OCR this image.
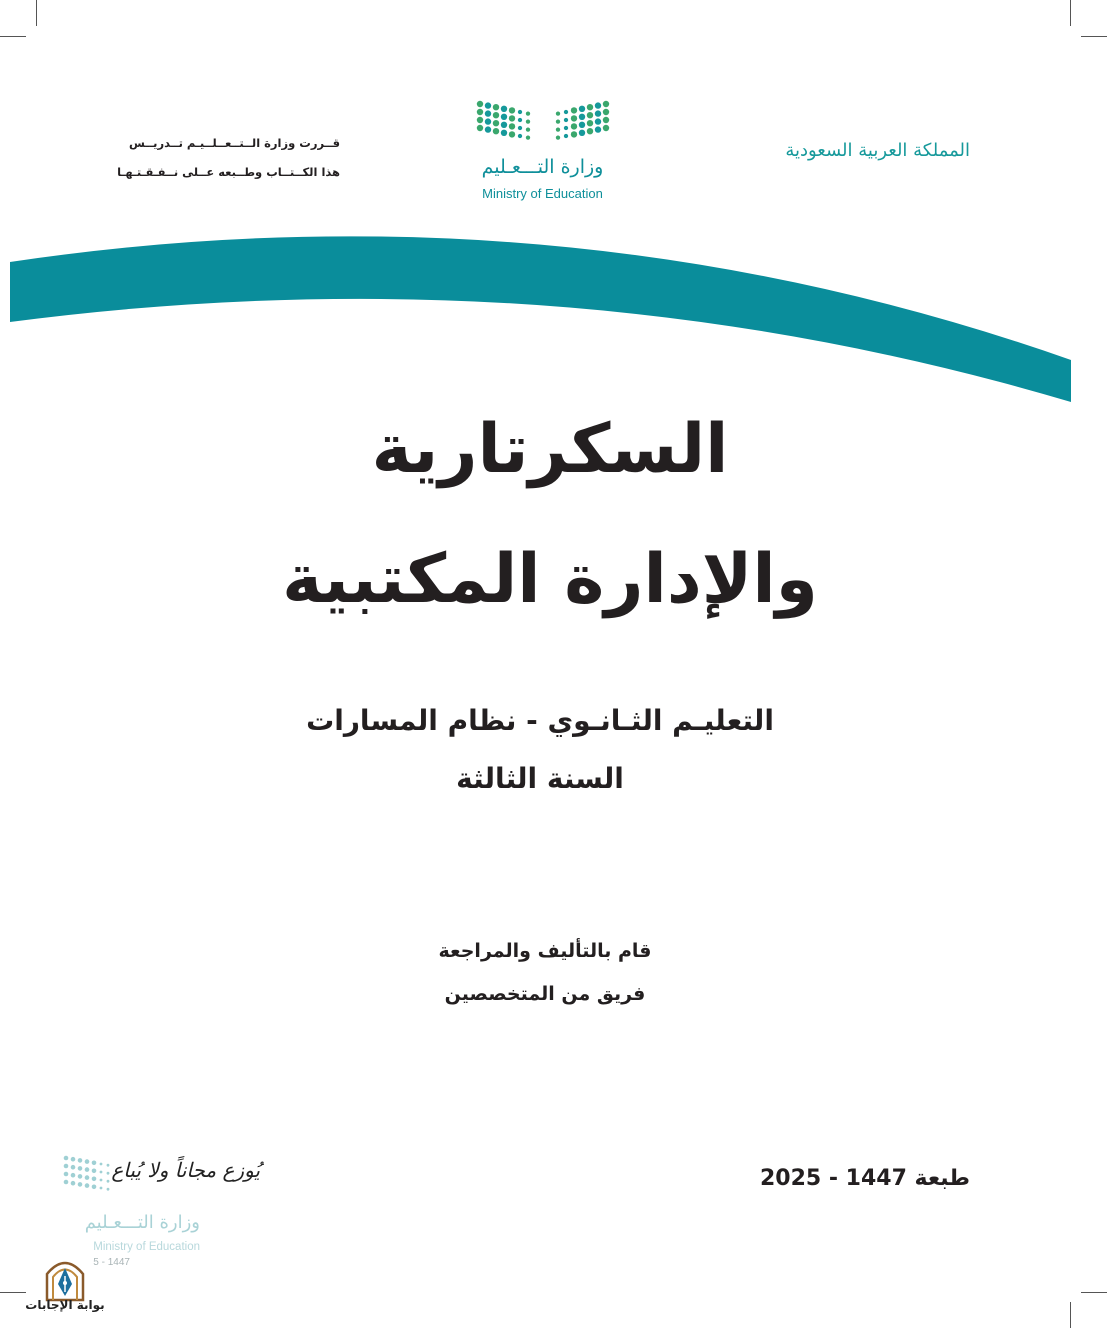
المملكة العربية السعودية
وزارة التـــعـليم
Ministry of Education
قــررت وزارة الــتــعــلــيـم تــدريــس
هذا الكــتــاب وطــبعه عــلى نــفـقـتـهـا
السكرتارية
والإدارة المكتبية
التعليـم الثـانـوي - نظام المسارات
السنة الثالثة
قام بالتأليف والمراجعة
فريق من المتخصصين
طبعة 1447 - 2025
يُوزع مجاناً ولا يُباع
وزارة التـــعـليم
Ministry of Education
5 - 1447
بوابة الإجابات
